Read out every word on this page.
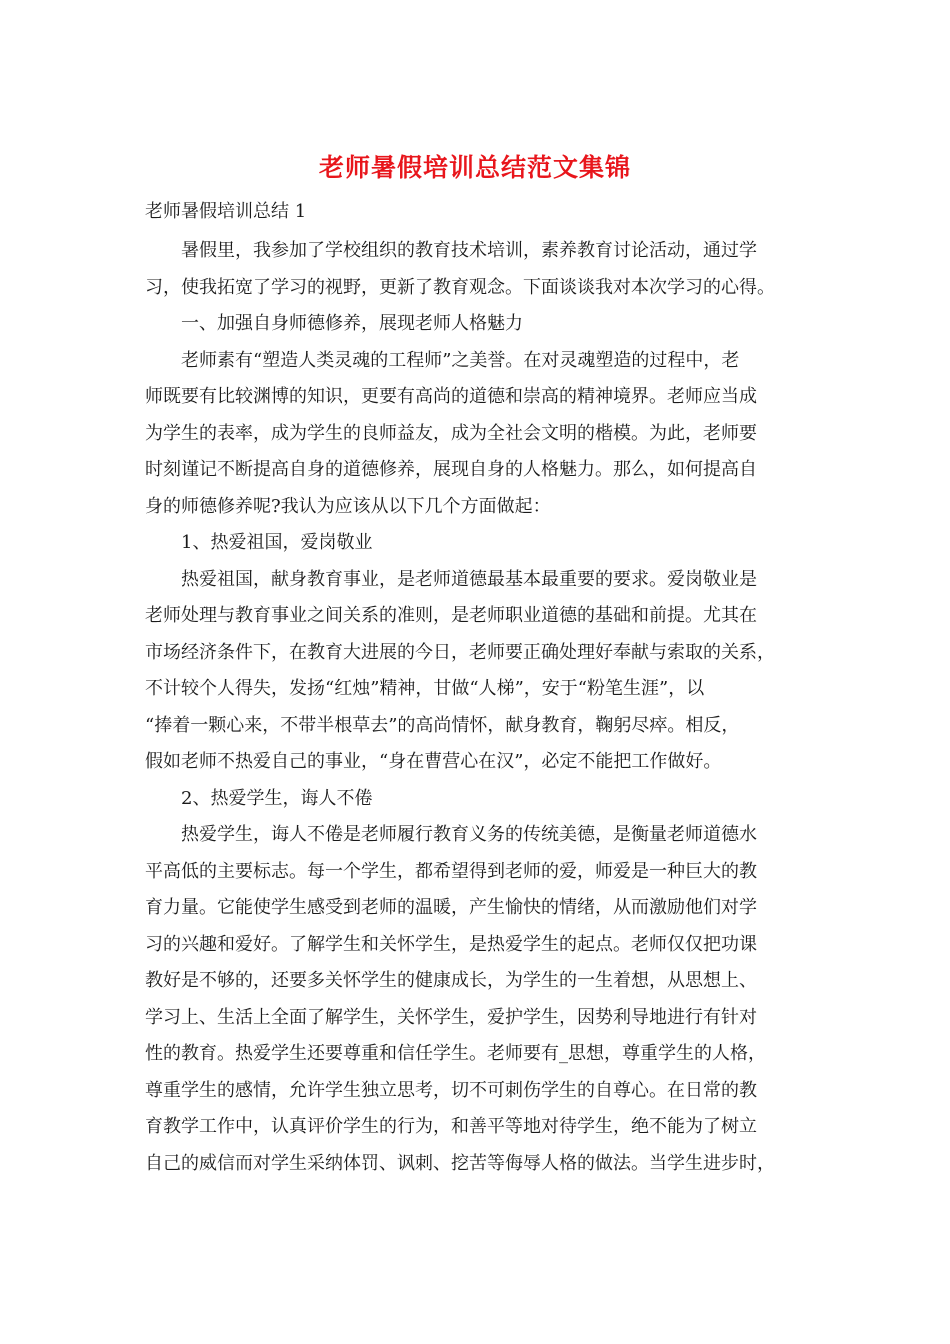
老师暑假培训总结范文集锦
老师暑假培训总结 1
暑假里，我参加了学校组织的教育技术培训，素养教育讨论活动，通过学
习，使我拓宽了学习的视野，更新了教育观念。下面谈谈我对本次学习的心得。
一、加强自身师德修养，展现老师人格魅力
老师素有“塑造人类灵魂的工程师”之美誉。在对灵魂塑造的过程中，老
师既要有比较渊博的知识，更要有高尚的道德和崇高的精神境界。老师应当成
为学生的表率，成为学生的良师益友，成为全社会文明的楷模。为此，老师要
时刻谨记不断提高自身的道德修养，展现自身的人格魅力。那么，如何提高自
身的师德修养呢?我认为应该从以下几个方面做起：
1、热爱祖国，爱岗敬业
热爱祖国，献身教育事业，是老师道德最基本最重要的要求。爱岗敬业是
老师处理与教育事业之间关系的准则，是老师职业道德的基础和前提。尤其在
市场经济条件下，在教育大进展的今日，老师要正确处理好奉献与索取的关系，
不计较个人得失，发扬“红烛”精神，甘做“人梯”，安于“粉笔生涯”，以
“捧着一颗心来，不带半根草去”的高尚情怀，献身教育，鞠躬尽瘁。相反，
假如老师不热爱自己的事业，“身在曹营心在汉”，必定不能把工作做好。
2、热爱学生，诲人不倦
热爱学生，诲人不倦是老师履行教育义务的传统美德，是衡量老师道德水
平高低的主要标志。每一个学生，都希望得到老师的爱，师爱是一种巨大的教
育力量。它能使学生感受到老师的温暖，产生愉快的情绪，从而激励他们对学
习的兴趣和爱好。了解学生和关怀学生，是热爱学生的起点。老师仅仅把功课
教好是不够的，还要多关怀学生的健康成长，为学生的一生着想，从思想上、
学习上、生活上全面了解学生，关怀学生，爱护学生，因势利导地进行有针对
性的教育。热爱学生还要尊重和信任学生。老师要有_思想，尊重学生的人格，
尊重学生的感情，允许学生独立思考，切不可刺伤学生的自尊心。在日常的教
育教学工作中，认真评价学生的行为，和善平等地对待学生，绝不能为了树立
自己的威信而对学生采纳体罚、讽刺、挖苦等侮辱人格的做法。当学生进步时，
